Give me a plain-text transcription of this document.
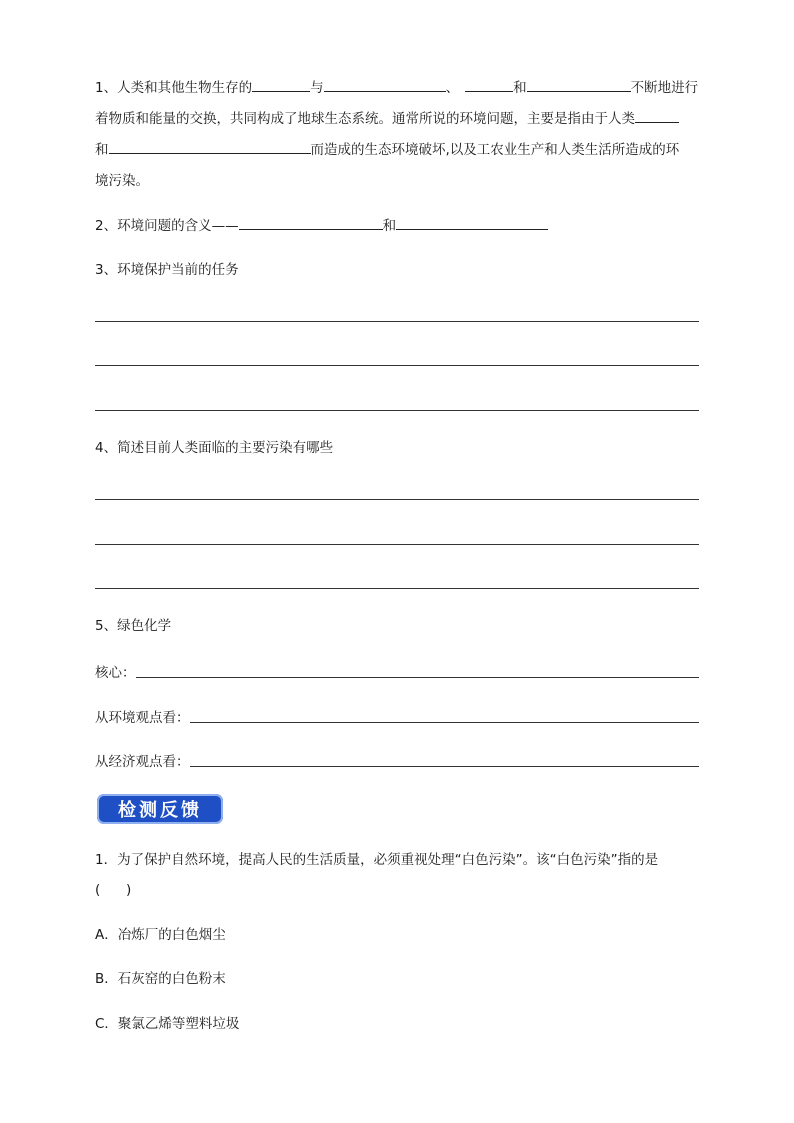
1、人类和其他生物生存的	与	、	和	不断地进行
着物质和能量的交换，共同构成了地球生态系统。通常所说的环境问题，主要是指由于人类
和	而造成的生态环境破坏,以及工农业生产和人类生活所造成的环
境污染。
2、环境问题的含义——	和
3、环境保护当前的任务
4、简述目前人类面临的主要污染有哪些
5、绿色化学
核心：
从环境观点看：
从经济观点看：
检测反馈
1．为了保护自然环境，提高人民的生活质量，必须重视处理“白色污染”。该“白色污染”指的是
(      )
A．冶炼厂的白色烟尘
B．石灰窑的白色粉末
C．聚氯乙烯等塑料垃圾
